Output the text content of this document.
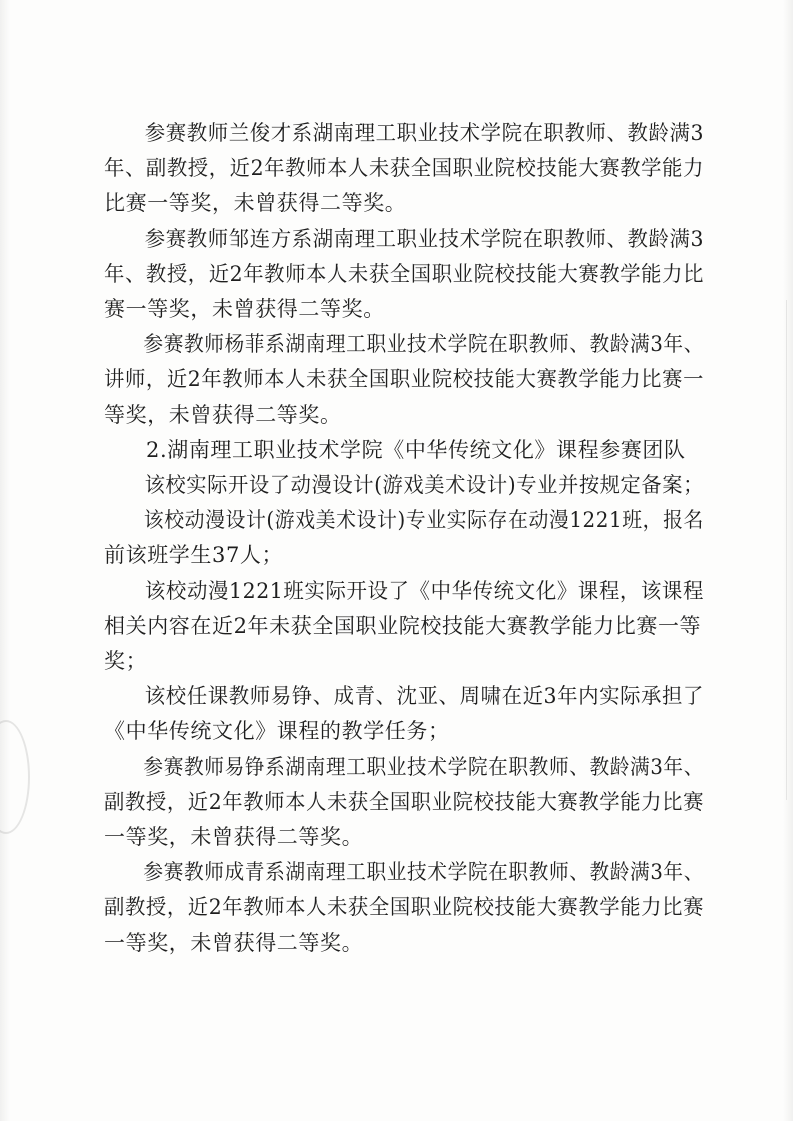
参赛教师兰俊才系湖南理工职业技术学院在职教师、教龄满3
年、副教授，近2年教师本人未获全国职业院校技能大赛教学能力
比赛一等奖，未曾获得二等奖。
参赛教师邹连方系湖南理工职业技术学院在职教师、教龄满3
年、教授，近2年教师本人未获全国职业院校技能大赛教学能力比
赛一等奖，未曾获得二等奖。
参赛教师杨菲系湖南理工职业技术学院在职教师、教龄满3年、
讲师，近2年教师本人未获全国职业院校技能大赛教学能力比赛一
等奖，未曾获得二等奖。
2.湖南理工职业技术学院《中华传统文化》课程参赛团队
该校实际开设了动漫设计(游戏美术设计)专业并按规定备案；
该校动漫设计(游戏美术设计)专业实际存在动漫1221班，报名
前该班学生37人；
该校动漫1221班实际开设了《中华传统文化》课程，该课程
相关内容在近2年未获全国职业院校技能大赛教学能力比赛一等
奖；
该校任课教师易铮、成青、沈亚、周啸在近3年内实际承担了
《中华传统文化》课程的教学任务；
参赛教师易铮系湖南理工职业技术学院在职教师、教龄满3年、
副教授，近2年教师本人未获全国职业院校技能大赛教学能力比赛
一等奖，未曾获得二等奖。
参赛教师成青系湖南理工职业技术学院在职教师、教龄满3年、
副教授，近2年教师本人未获全国职业院校技能大赛教学能力比赛
一等奖，未曾获得二等奖。
